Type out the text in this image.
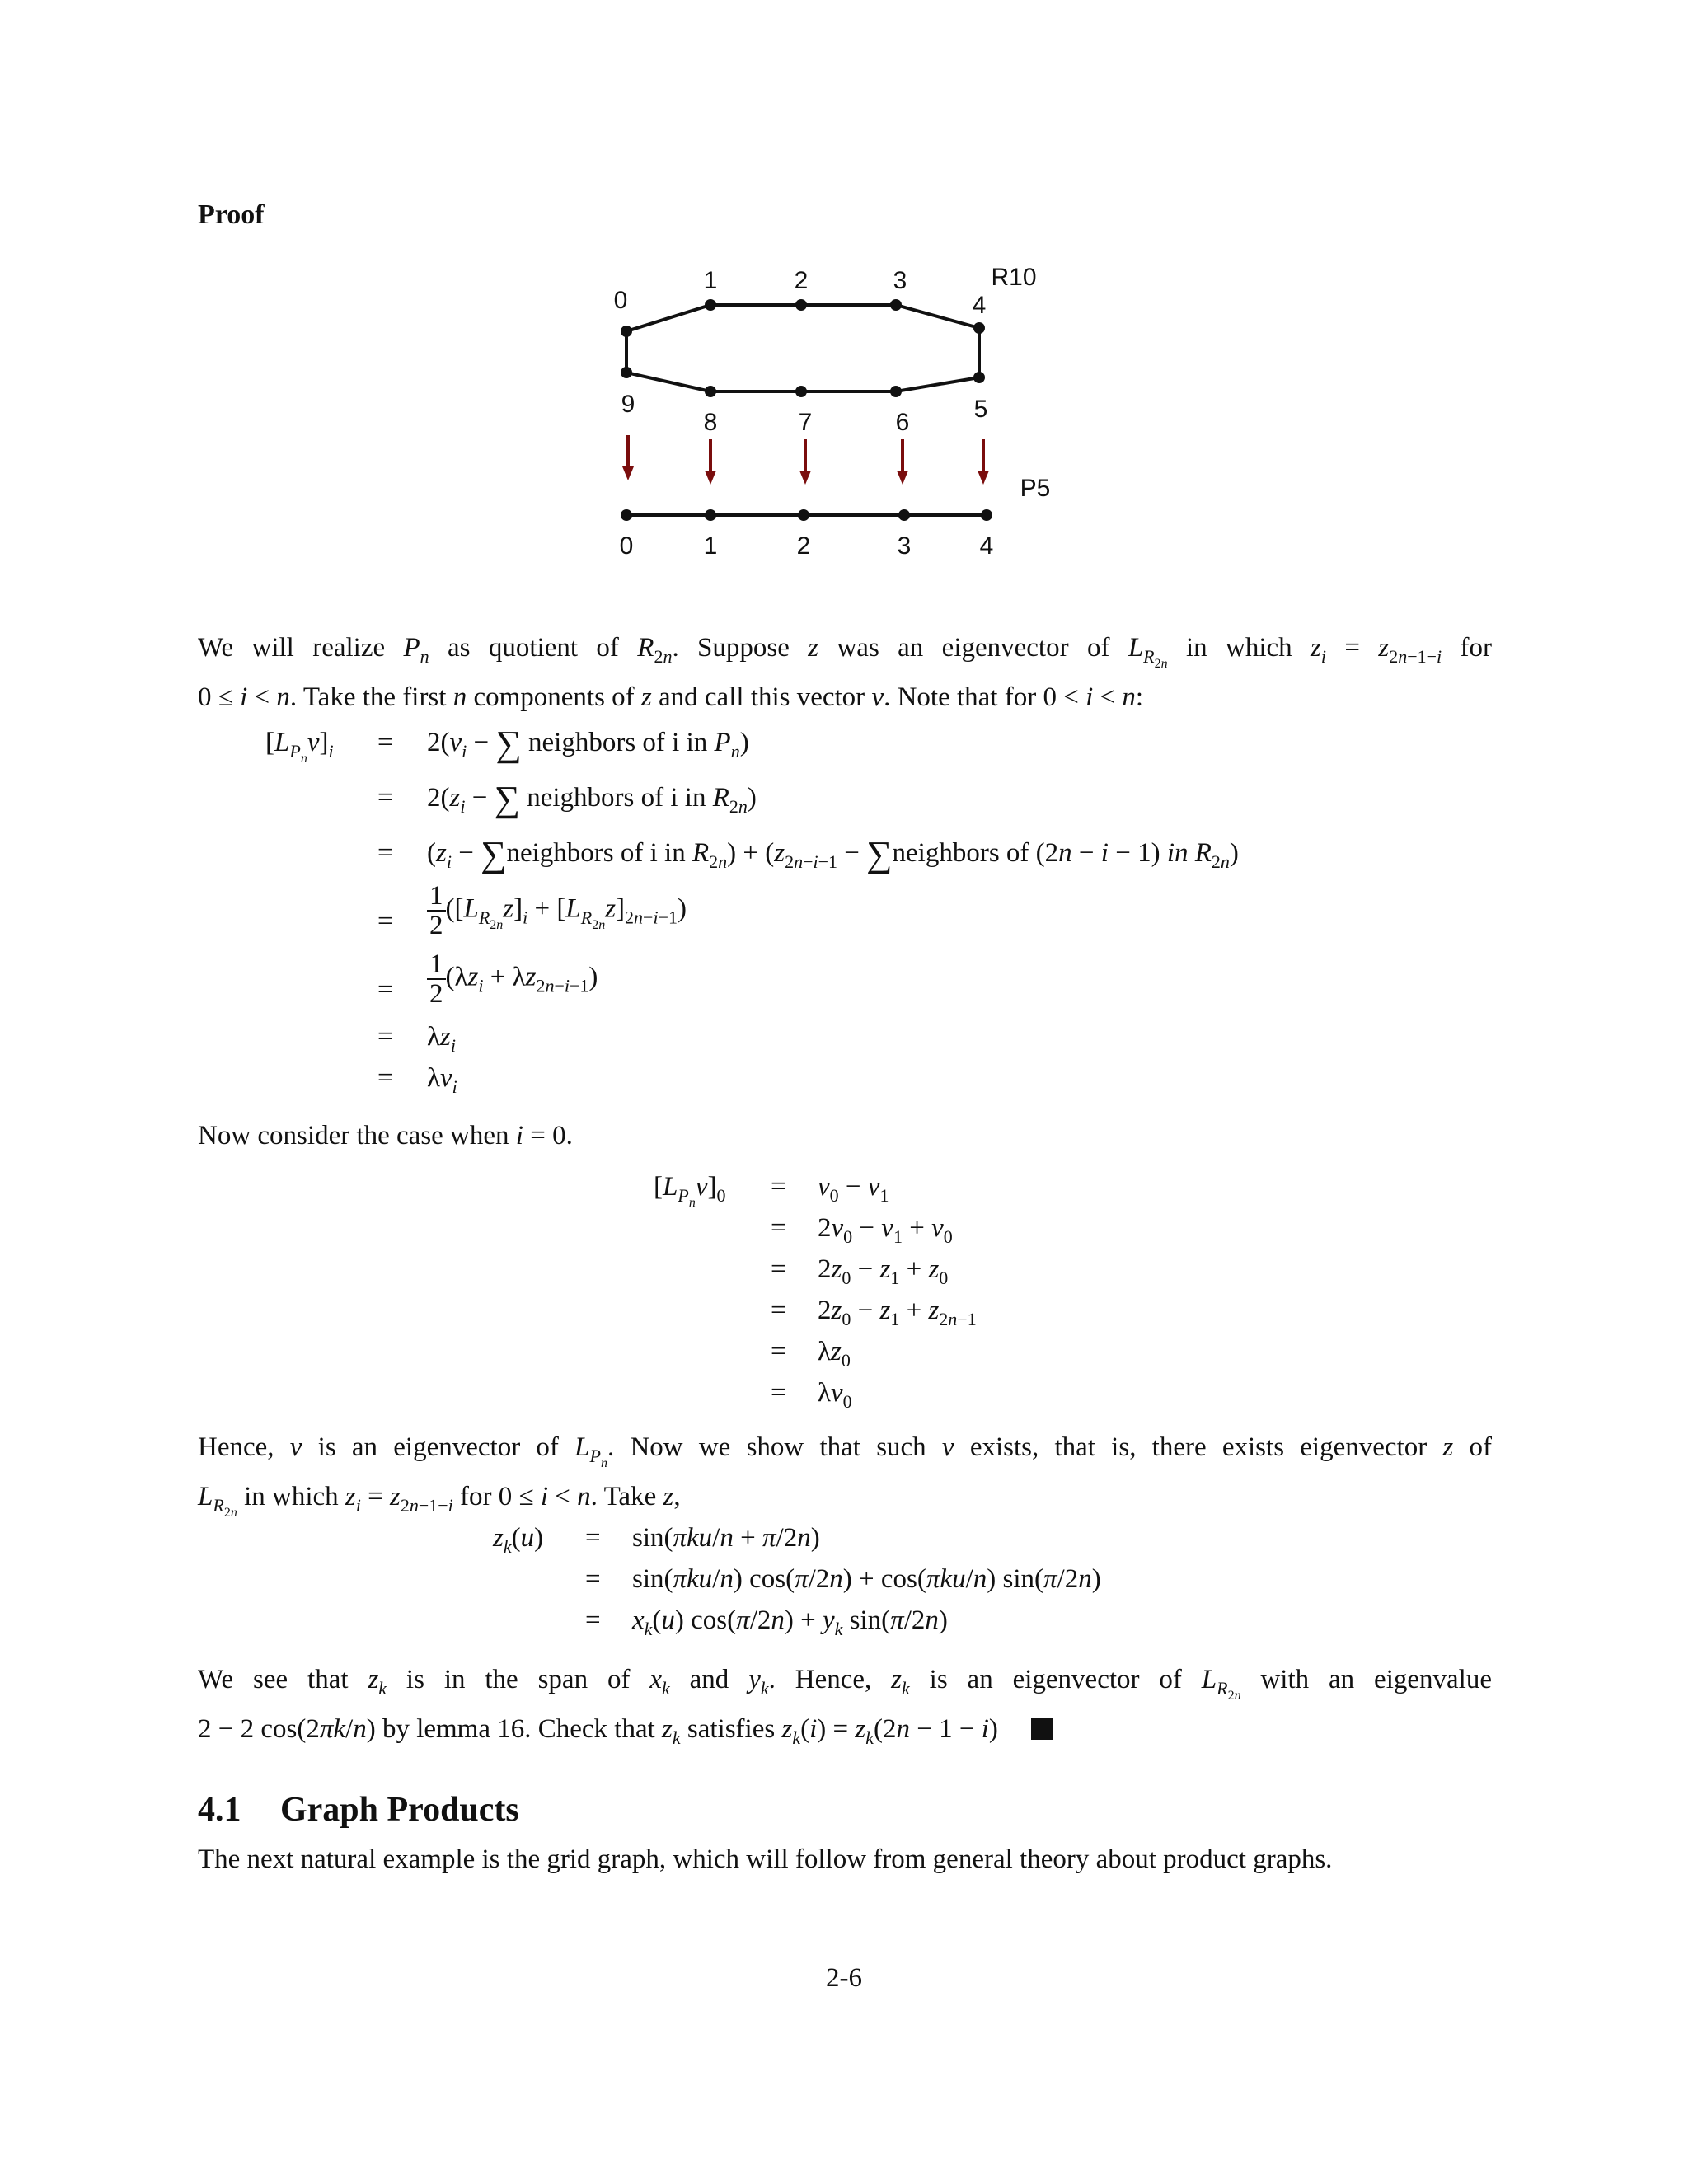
Proof
0
1	2	3
4
9
8	7	6	5
R10
P5
0	1	2	3	4
We will realize $P_n$ as quotient of $R_{2n}$. Suppose z was an eigenvector of $L_{R_{2n}}$ in which $z_i = z_{2n-1-i}$ for
0 ≤ i < n. Take the first n components of z and call this vector v. Note that for 0 < i < n:
$[L_{P_n}v]_i = 2(v_i$ − ∑ neighbors of i in $P_n$)
= $2(z_i$ − ∑ neighbors of i in $R_{2n}$)
= ($z_i$ − ∑neighbors of i in $R_{2n}) + (z_{2n-i-1}$ − ∑neighbors of (2n − i − 1) in $R_{2n}$)
= $\frac{1}{2} ([L_{R_{2n}}z]_i + [L_{R_{2n}}z]_{2n-i-1})$
= $\frac{1}{2} (\lambda z_i + \lambda z_{2n-i-1})$
= $\lambda z_i$
= $\lambda v_i$
Now consider the case when i = 0.
$[L_{P_n}v]_0 = v_0 - v_1$
= $2v_0 - v_1 + v_0$
= $2z_0 - z_1 + z_0$
= $2z_0 - z_1 + z_{2n-1}$
= $\lambda z_0$
= $\lambda v_0$
Hence, v is an eigenvector of $L_{P_n}$. Now we show that such v exists, that is, there exists eigenvector z of
$L_{R_{2n}}$ in which $z_i = z_{2n-1-i}$ for 0 ≤ i < n. Take z,
$z_k(u) = \sin(\pi ku/n + \pi/2n)$
= sin(πku/n) cos(π/2n) + cos(πku/n) sin(π/2n)
= $x_k(u) \cos(\pi/2n) + y_k$ sin(π/2n)
We see that $z_k$ is in the span of $x_k$ and $y_k$. Hence, $z_k$ is an eigenvector of $L_{R_{2n}}$ with an eigenvalue
2 − 2 cos(2πk/n) by lemma 16. Check that $z_k$ satisfies $z_k(i) = z_k(2n - 1 - i)$
4.1 Graph Products
The next natural example is the grid graph, which will follow from general theory about product graphs.
2-6
